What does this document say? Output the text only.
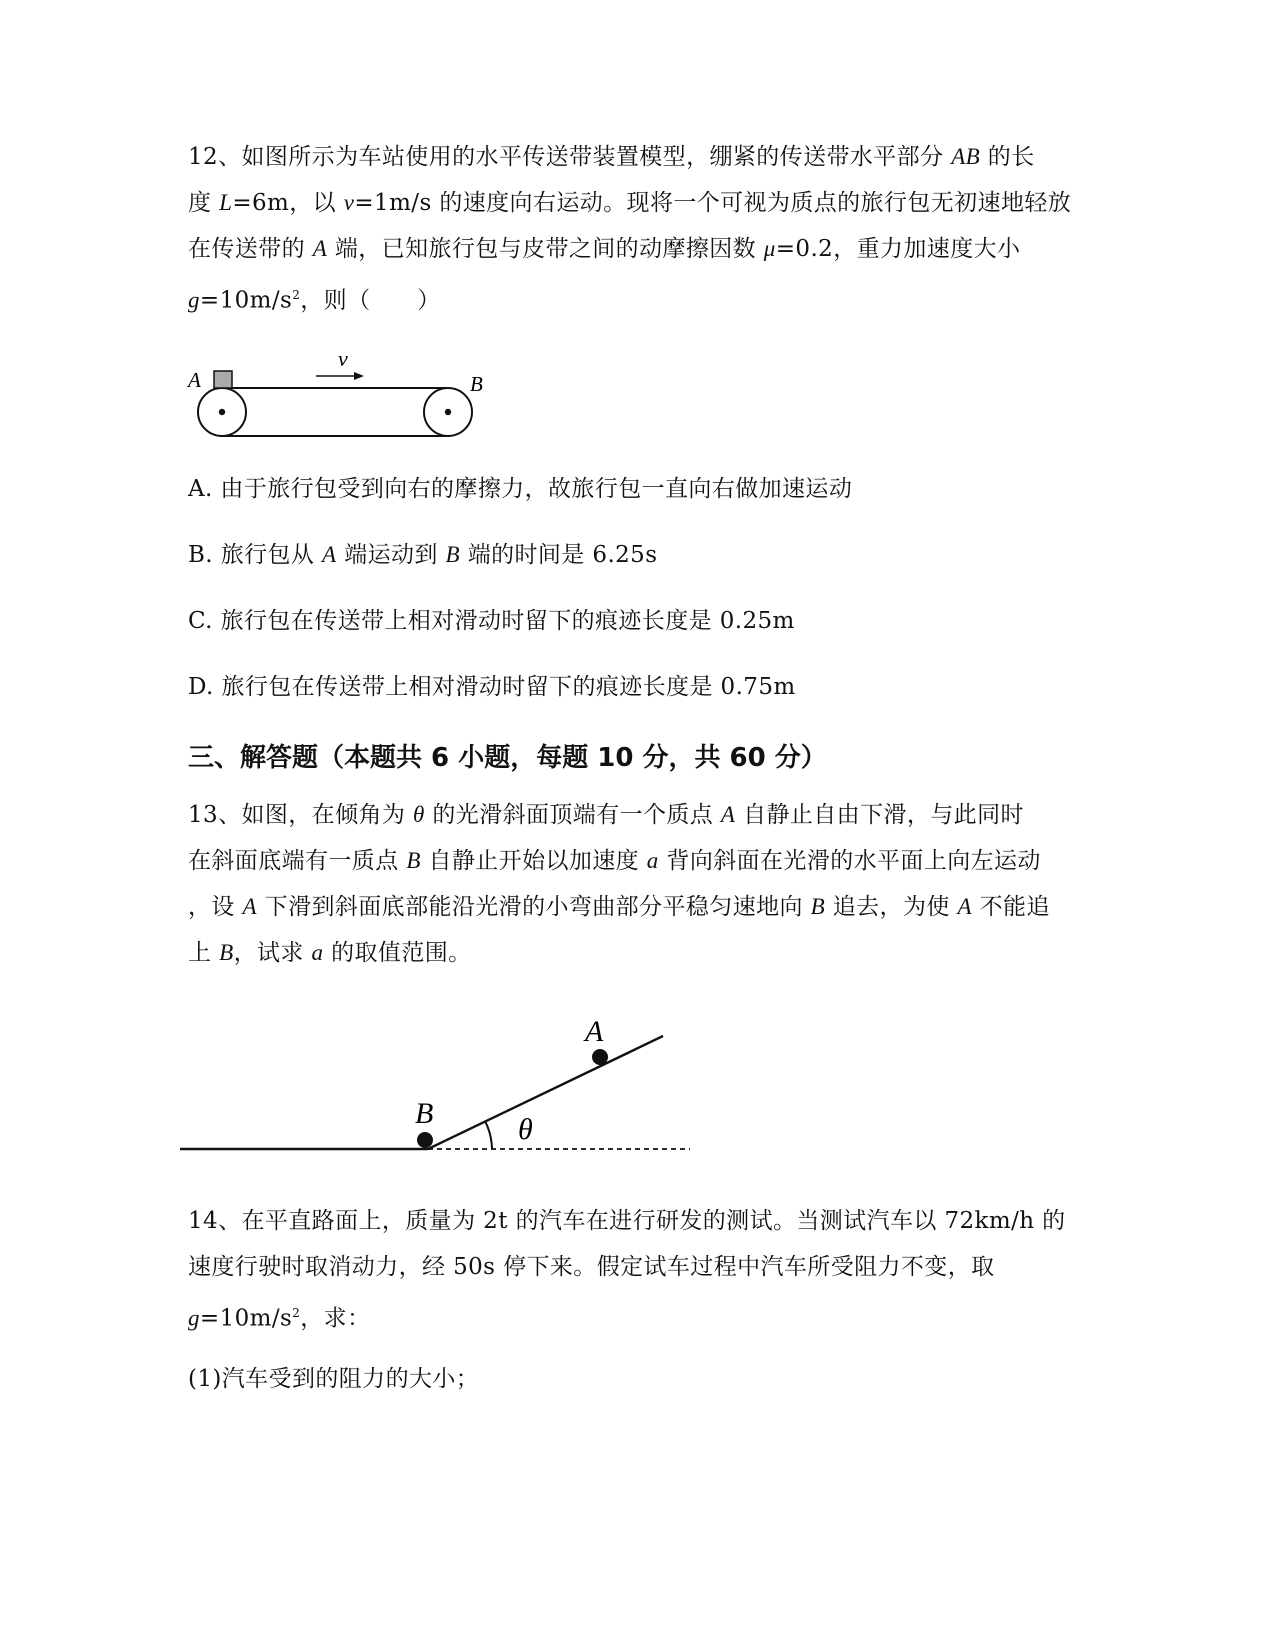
12、如图所示为车站使用的水平传送带装置模型，绷紧的传送带水平部分 AB 的长
度 L=6m，以 v=1m/s 的速度向右运动。现将一个可视为质点的旅行包无初速地轻放
在传送带的 A 端，已知旅行包与皮带之间的动摩擦因数 μ=0.2，重力加速度大小
$g=10m/s^2$，则（　　）
v
A	B
A. 由于旅行包受到向右的摩擦力，故旅行包一直向右做加速运动
B. 旅行包从 A 端运动到 B 端的时间是 6.25s
C. 旅行包在传送带上相对滑动时留下的痕迹长度是 0.25m
D. 旅行包在传送带上相对滑动时留下的痕迹长度是 0.75m
三、解答题（本题共 6 小题，每题 10 分，共 60 分）
13、如图，在倾角为 θ 的光滑斜面顶端有一个质点 A 自静止自由下滑，与此同时
在斜面底端有一质点 B 自静止开始以加速度 a 背向斜面在光滑的水平面上向左运动
，设 A 下滑到斜面底部能沿光滑的小弯曲部分平稳匀速地向 B 追去，为使 A 不能追
上 B，试求 a 的取值范围。
A
B	θ
14、在平直路面上，质量为 2t 的汽车在进行研发的测试。当测试汽车以 72km/h 的
速度行驶时取消动力，经 50s 停下来。假定试车过程中汽车所受阻力不变，取
$g=10m/s^2$，求：
(1)汽车受到的阻力的大小；
